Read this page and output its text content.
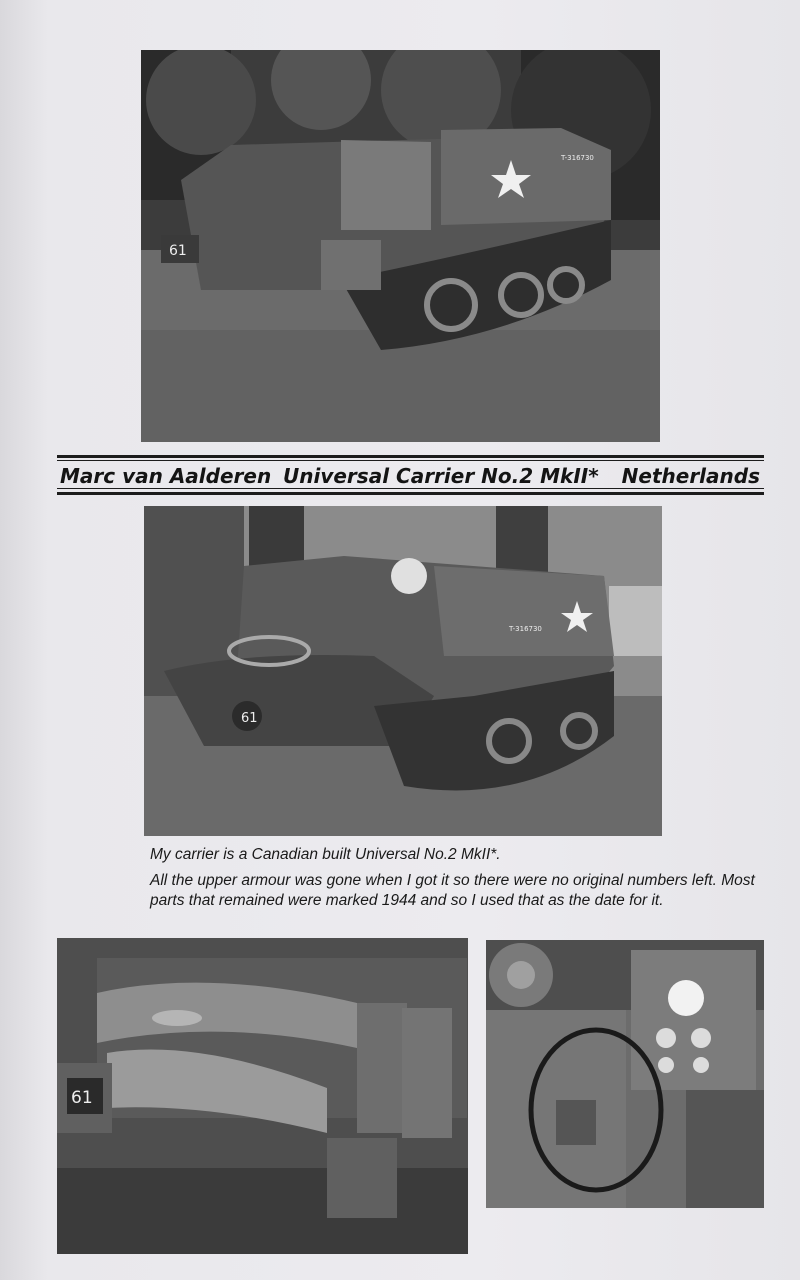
61
T-316730
Marc van Aalderen Universal Carrier No.2 MkII* Netherlands
61
T-316730
My carrier is a Canadian built Universal No.2 MkII*.
All the upper armour was gone when I got it so there were no original numbers left. Most parts that remained were marked 1944 and so I used that as the date for it.
61
